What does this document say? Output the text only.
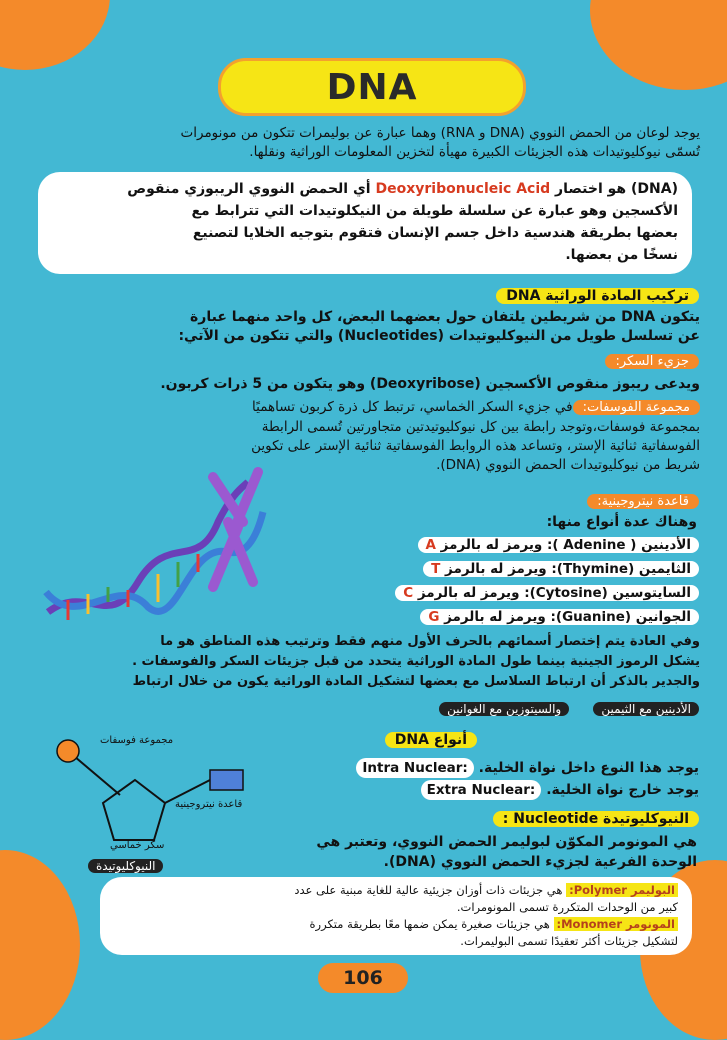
DNA
يوجد لوعان من الحمض النووي (DNA و RNA) وهما عبارة عن بوليمرات تتكون من مونومرات
تُسمّى نيوكليوتيدات هذه الجزيئات الكبيرة مهيأة لتخزين المعلومات الوراثية ونقلها.
(DNA) هو اختصار Deoxyribonucleic Acid أي الحمض النووي الريبوزي منقوص
الأكسجين وهو عبارة عن سلسلة طويلة من النيكلوتيدات التي تترابط مع
بعضها بطريقة هندسية داخل جسم الإنسان فتقوم بتوجيه الخلايا لتصنيع
نسخًا من بعضها.
تركيب المادة الوراثية DNA
يتكون DNA من شريطين يلتفان حول بعضهما البعض، كل واحد منهما عبارة
عن تسلسل طويل من النيوكليوتيدات (Nucleotides) والتي تتكون من الآتي:
جزيء السكر:
ويدعى ريبوز منقوص الأكسجين (Deoxyribose) وهو يتكون من 5 ذرات كربون.
مجموعة الفوسفات:في جزيء السكر الخماسي، ترتبط كل ذرة كربون تساهميًا
بمجموعة فوسفات،وتوجد رابطة بين كل نيوكليوتيدتين متجاورتين تُسمى الرابطة
الفوسفاتية ثنائية الإستر، وتساعد هذه الروابط الفوسفاتية ثنائية الإستر على تكوين
شريط من نيوكليوتيدات الحمض النووي (DNA).
قاعدة نيتروجينية:
وهناك عدة أنواع منها:
الأدينين ( Adenine ): ويرمز له بالرمز A
الثايمين (Thymine): ويرمز له بالرمز T
السايتوسين (Cytosine): ويرمز له بالرمز C
الجوانين (Guanine): ويرمز له بالرمز G
وفي العادة يتم إختصار أسمائهم بالحرف الأول منهم فقط وترتيب هذه المناطق هو ما
يشكل الرموز الجينية بينما طول المادة الوراثية يتحدد من قبل جزيئات السكر والفوسفات .
والجدير بالذكر أن ارتباط السلاسل مع بعضها لتشكيل المادة الوراثية يكون من خلال ارتباط
الأدينين مع الثيمين  والسيتوزين مع الغوانين
أنواع DNA
يوجد هذا النوع داخل نواة الخلية. Intra Nuclear:
يوجد خارج نواة الخلية. Extra Nuclear:
مجموعة فوسفات
قاعدة نيتروجينية
سكر خماسي
النيوكليوتيدة
النيوكليوتيدة Nucleotide :
هي المونومر المكوّن لبوليمر الحمض النووي، وتعتبر هي
الوحدة الفرعية لجزيء الحمض النووي (DNA).
البوليمر Polymer: هي جزيئات ذات أوزان جزيئية عالية للغاية مبنية على عدد
كبير من الوحدات المتكررة تسمى المونومرات.
المونومر Monomer: هي جزيئات صغيرة يمكن ضمها معًا بطريقة متكررة
لتشكيل جزيئات أكثر تعقيدًا تسمى البوليمرات.
106
